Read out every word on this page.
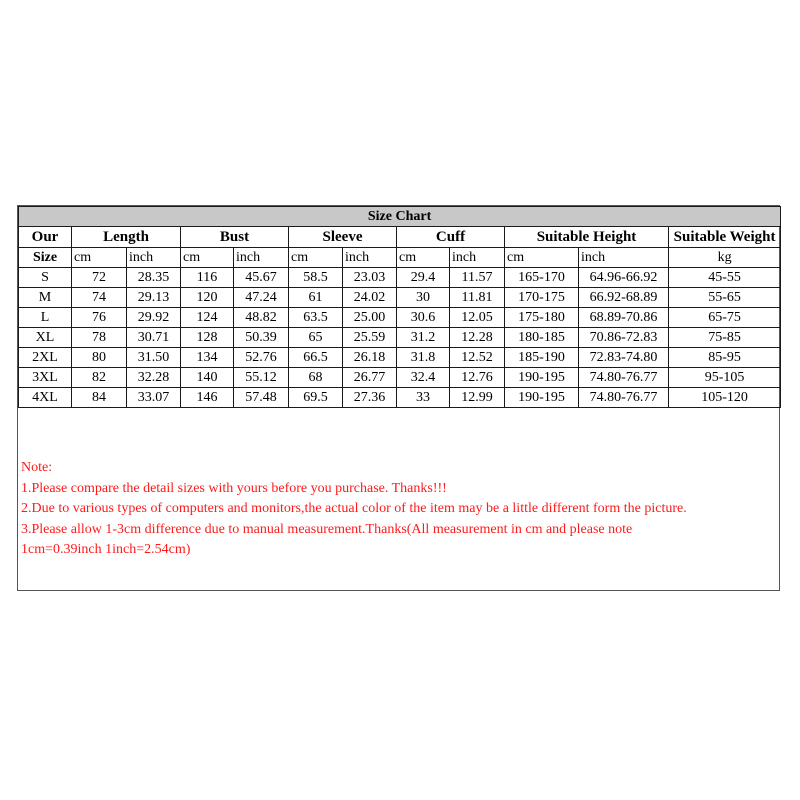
Size Chart											
Our	Length		Bust		Sleeve		Cuff		Suitable Height		Suitable Weight
Size	cm	inch	cm	inch	cm	inch	cm	inch	cm	inch	kg
S	72	28.35	116	45.67	58.5	23.03	29.4	11.57	165-170	64.96-66.92	45-55
M	74	29.13	120	47.24	61	24.02	30	11.81	170-175	66.92-68.89	55-65
L	76	29.92	124	48.82	63.5	25.00	30.6	12.05	175-180	68.89-70.86	65-75
XL	78	30.71	128	50.39	65	25.59	31.2	12.28	180-185	70.86-72.83	75-85
2XL	80	31.50	134	52.76	66.5	26.18	31.8	12.52	185-190	72.83-74.80	85-95
3XL	82	32.28	140	55.12	68	26.77	32.4	12.76	190-195	74.80-76.77	95-105
4XL	84	33.07	146	57.48	69.5	27.36	33	12.99	190-195	74.80-76.77	105-120
Note:
1.Please compare the detail sizes with yours before you purchase. Thanks!!!
2.Due to various types of computers and monitors,the actual color of the item may be a little different form the picture.
3.Please allow 1-3cm difference due to manual measurement.Thanks(All measurement in cm and please note
1cm=0.39inch 1inch=2.54cm)
